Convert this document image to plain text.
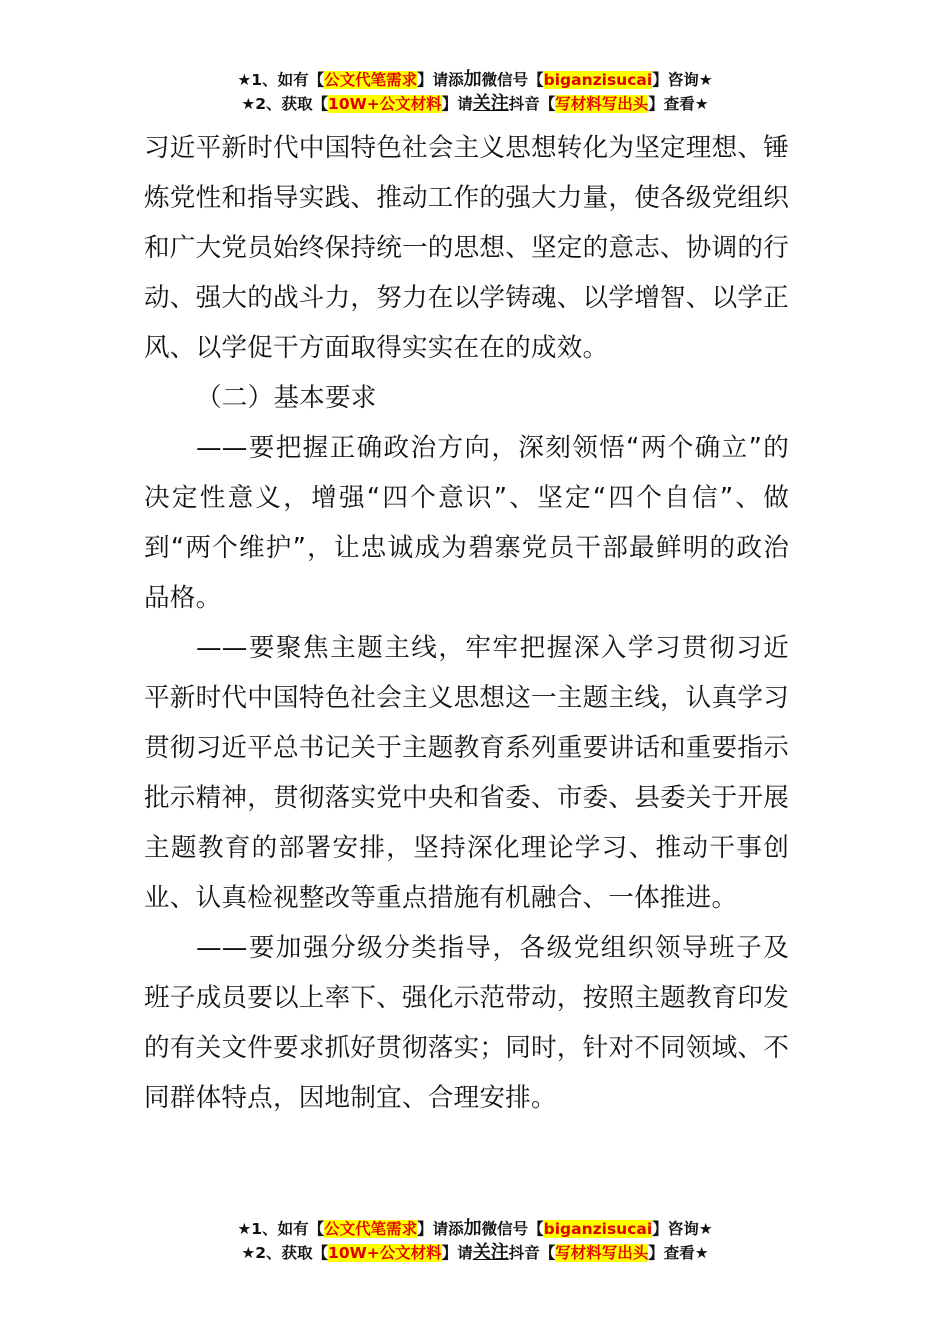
★1、如有【公文代笔需求】请添加微信号【biganzisucai】咨询★
★2、获取【10W+公文材料】请关注抖音【写材料写出头】查看★

习近平新时代中国特色社会主义思想转化为坚定理想、锤炼党性和指导实践、推动工作的强大力量，使各级党组织和广大党员始终保持统一的思想、坚定的意志、协调的行动、强大的战斗力，努力在以学铸魂、以学增智、以学正风、以学促干方面取得实实在在的成效。

（二）基本要求

——要把握正确政治方向，深刻领悟“两个确立”的决定性意义，增强“四个意识”、坚定“四个自信”、做到“两个维护”，让忠诚成为碧寨党员干部最鲜明的政治品格。

——要聚焦主题主线，牢牢把握深入学习贯彻习近平新时代中国特色社会主义思想这一主题主线，认真学习贯彻习近平总书记关于主题教育系列重要讲话和重要指示批示精神，贯彻落实党中央和省委、市委、县委关于开展主题教育的部署安排，坚持深化理论学习、推动干事创业、认真检视整改等重点措施有机融合、一体推进。

——要加强分级分类指导，各级党组织领导班子及班子成员要以上率下、强化示范带动，按照主题教育印发的有关文件要求抓好贯彻落实；同时，针对不同领域、不同群体特点，因地制宜、合理安排。

★1、如有【公文代笔需求】请添加微信号【biganzisucai】咨询★
★2、获取【10W+公文材料】请关注抖音【写材料写出头】查看★
